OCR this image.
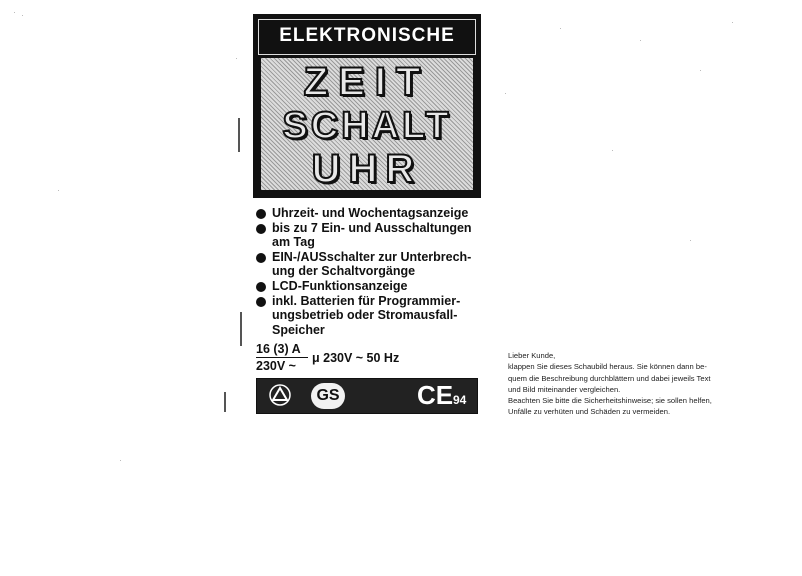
ELEKTRONISCHE
ZEIT
SCHALT
UHR
Uhrzeit- und Wochentagsanzeige
bis zu 7 Ein- und Ausschaltungen am Tag
EIN-/AUSschalter zur Unterbrech- ung der Schaltvorgänge
LCD-Funktionsanzeige
inkl. Batterien für Programmier- ungsbetrieb oder Stromausfall- Speicher
$\frac{16 (3) A}{230V \sim}$ μ 230V ~ 50 Hz
GS	CE 94

Lieber Kunde,

klappen Sie dieses Schaubild heraus. Sie können dann be-

quem die Beschreibung durchblättern und dabei jeweils Text

und Bild miteinander vergleichen.

Beachten Sie bitte die Sicherheitshinweise; sie sollen helfen,

Unfälle zu verhüten und Schäden zu vermeiden.
